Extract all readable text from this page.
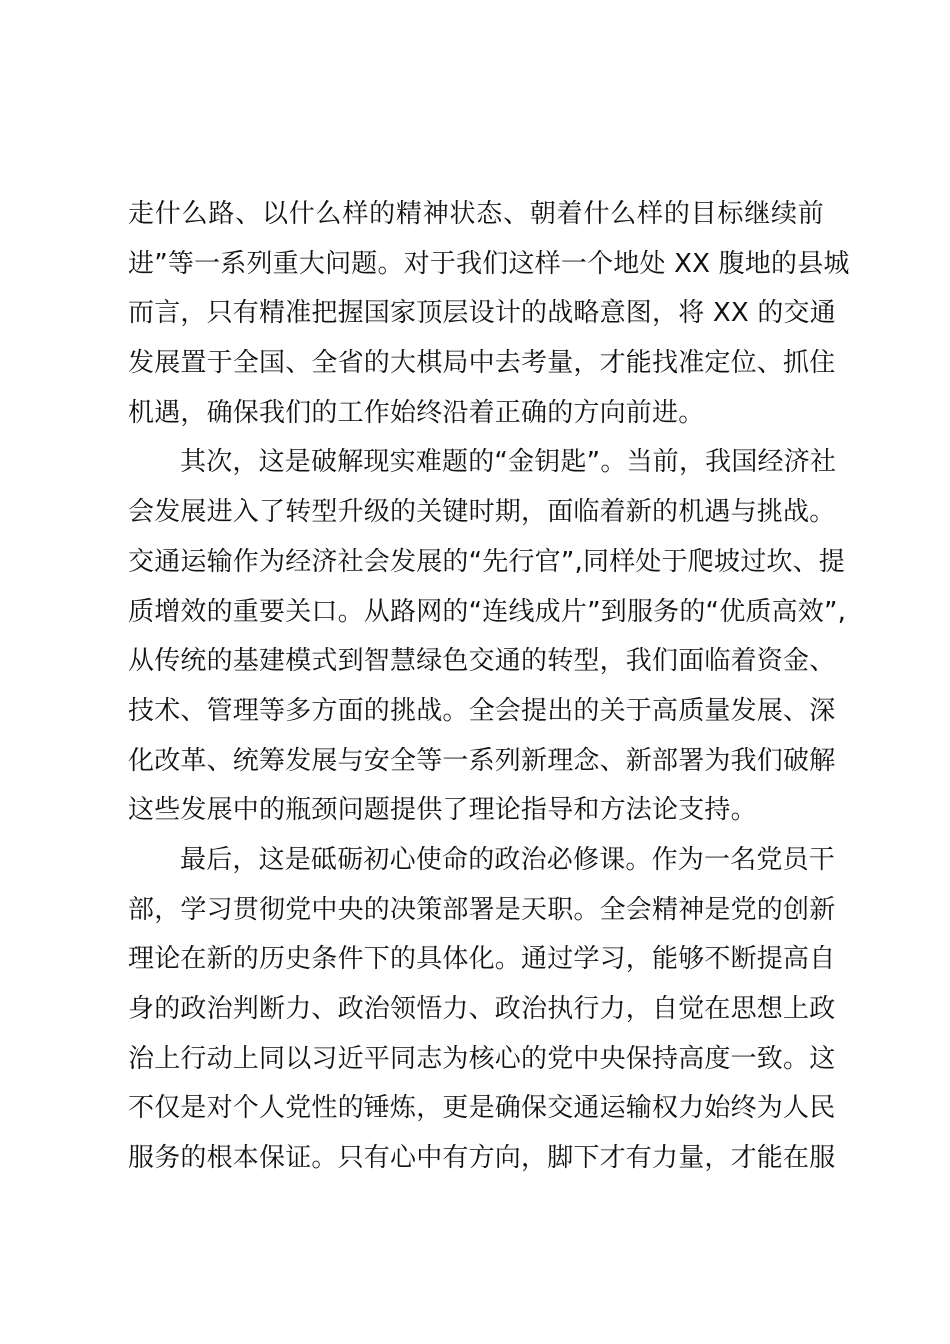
走什么路、以什么样的精神状态、朝着什么样的目标继续前
进”等一系列重大问题。对于我们这样一个地处 XX 腹地的县城
而言，只有精准把握国家顶层设计的战略意图，将 XX 的交通
发展置于全国、全省的大棋局中去考量，才能找准定位、抓住
机遇，确保我们的工作始终沿着正确的方向前进。
其次，这是破解现实难题的“金钥匙”。当前，我国经济社
会发展进入了转型升级的关键时期，面临着新的机遇与挑战。
交通运输作为经济社会发展的“先行官”,同样处于爬坡过坎、提
质增效的重要关口。从路网的“连线成片”到服务的“优质高效”,
从传统的基建模式到智慧绿色交通的转型，我们面临着资金、
技术、管理等多方面的挑战。全会提出的关于高质量发展、深
化改革、统筹发展与安全等一系列新理念、新部署为我们破解
这些发展中的瓶颈问题提供了理论指导和方法论支持。
最后，这是砥砺初心使命的政治必修课。作为一名党员干
部，学习贯彻党中央的决策部署是天职。全会精神是党的创新
理论在新的历史条件下的具体化。通过学习，能够不断提高自
身的政治判断力、政治领悟力、政治执行力，自觉在思想上政
治上行动上同以习近平同志为核心的党中央保持高度一致。这
不仅是对个人党性的锤炼，更是确保交通运输权力始终为人民
服务的根本保证。只有心中有方向，脚下才有力量，才能在服
